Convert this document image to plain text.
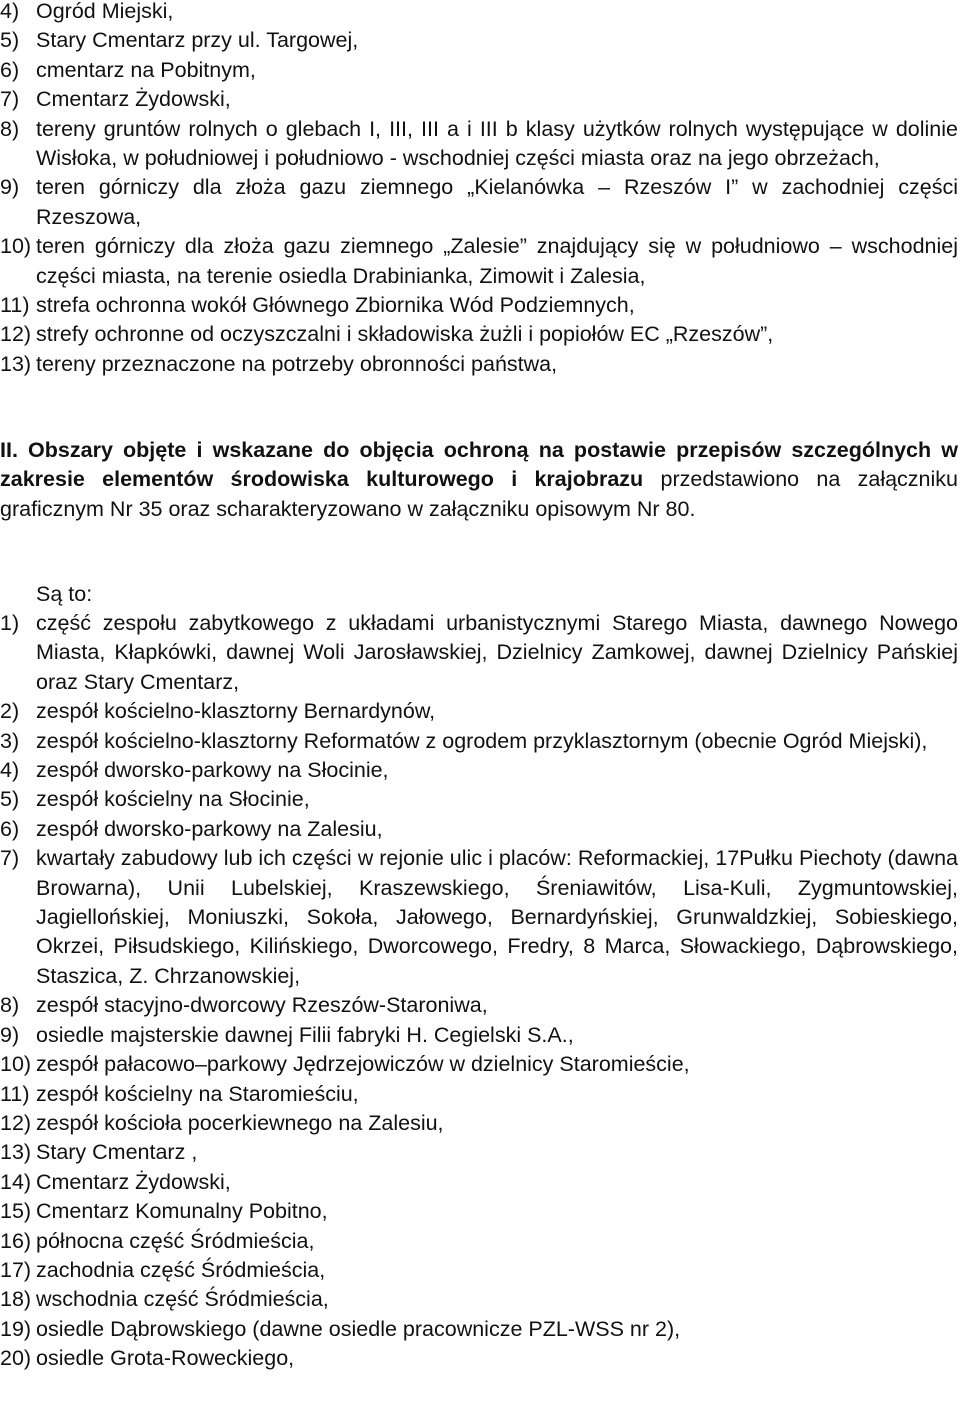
4) Ogród Miejski,
5) Stary Cmentarz przy ul. Targowej,
6) cmentarz na Pobitnym,
7) Cmentarz Żydowski,
8) tereny gruntów rolnych o glebach I, III, III a i III b klasy użytków rolnych występujące w dolinie Wisłoka, w południowej i południowo - wschodniej części miasta oraz na jego obrzeżach,
9) teren górniczy dla złoża gazu ziemnego „Kielanówka – Rzeszów I” w zachodniej części Rzeszowa,
10) teren górniczy dla złoża gazu ziemnego „Zalesie” znajdujący się w południowo – wschodniej części miasta, na terenie osiedla Drabinianka, Zimowit i Zalesia,
11) strefa ochronna wokół Głównego Zbiornika Wód Podziemnych,
12) strefy ochronne od oczyszczalni i składowiska żużli i popiołów EC „Rzeszów”,
13) tereny przeznaczone na potrzeby obronności państwa,
II. Obszary objęte i wskazane do objęcia ochroną na postawie przepisów szczególnych w zakresie elementów środowiska kulturowego i krajobrazu przedstawiono na załączniku graficznym Nr 35 oraz scharakteryzowano w załączniku opisowym Nr 80.
Są to:
1) część zespołu zabytkowego z układami urbanistycznymi Starego Miasta, dawnego Nowego Miasta, Kłapkówki, dawnej Woli Jarosławskiej, Dzielnicy Zamkowej, dawnej Dzielnicy Pańskiej oraz Stary Cmentarz,
2) zespół kościelno-klasztorny Bernardynów,
3) zespół kościelno-klasztorny Reformatów z ogrodem przyklasztornym (obecnie Ogród Miejski),
4) zespół dworsko-parkowy na Słocinie,
5) zespół kościelny na Słocinie,
6) zespół dworsko-parkowy na Zalesiu,
7) kwartały zabudowy lub ich części w rejonie ulic i placów: Reformackiej, 17Pułku Piechoty (dawna Browarna), Unii Lubelskiej, Kraszewskiego, Śreniawitów, Lisa-Kuli, Zygmuntowskiej, Jagiellońskiej, Moniuszki, Sokoła, Jałowego, Bernardyńskiej, Grunwaldzkiej, Sobieskiego, Okrzei, Piłsudskiego, Kilińskiego, Dworcowego, Fredry, 8 Marca, Słowackiego, Dąbrowskiego, Staszica, Z. Chrzanowskiej,
8) zespół stacyjno-dworcowy Rzeszów-Staroniwa,
9) osiedle majsterskie dawnej Filii fabryki H. Cegielski S.A.,
10) zespół pałacowo–parkowy Jędrzejowiczów w dzielnicy Staromieście,
11) zespół kościelny na Staromieściu,
12) zespół kościoła pocerkiewnego na Zalesiu,
13) Stary Cmentarz ,
14) Cmentarz Żydowski,
15) Cmentarz Komunalny Pobitno,
16) północna część Śródmieścia,
17) zachodnia część Śródmieścia,
18) wschodnia część Śródmieścia,
19) osiedle Dąbrowskiego (dawne osiedle pracownicze PZL-WSS nr 2),
20) osiedle Grota-Roweckiego,
